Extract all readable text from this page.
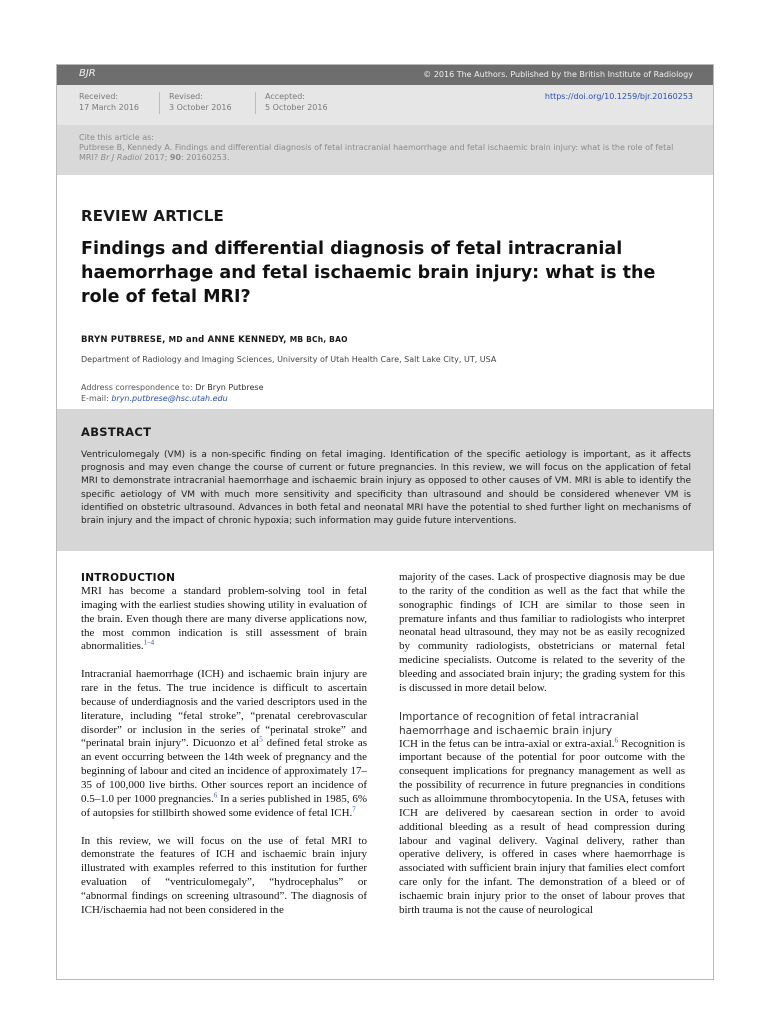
BJR	© 2016 The Authors. Published by the British Institute of Radiology
Received:
17 March 2016
Revised:
3 October 2016
Accepted:
5 October 2016
https://doi.org/10.1259/bjr.20160253
Cite this article as:
Putbrese B, Kennedy A. Findings and differential diagnosis of fetal intracranial haemorrhage and fetal ischaemic brain injury: what is the role of fetal MRI? Br J Radiol 2017; 90: 20160253.
REVIEW ARTICLE
Findings and differential diagnosis of fetal intracranial haemorrhage and fetal ischaemic brain injury: what is the role of fetal MRI?
BRYN PUTBRESE, MD and ANNE KENNEDY, MB BCh, BAO
Department of Radiology and Imaging Sciences, University of Utah Health Care, Salt Lake City, UT, USA
Address correspondence to: Dr Bryn Putbrese
E-mail: bryn.putbrese@hsc.utah.edu
ABSTRACT
Ventriculomegaly (VM) is a non-specific finding on fetal imaging. Identification of the specific aetiology is important, as it affects prognosis and may even change the course of current or future pregnancies. In this review, we will focus on the application of fetal MRI to demonstrate intracranial haemorrhage and ischaemic brain injury as opposed to other causes of VM. MRI is able to identify the specific aetiology of VM with much more sensitivity and specificity than ultrasound and should be considered whenever VM is identified on obstetric ultrasound. Advances in both fetal and neonatal MRI have the potential to shed further light on mechanisms of brain injury and the impact of chronic hypoxia; such information may guide future interventions.
INTRODUCTION

MRI has become a standard problem-solving tool in fetal imaging with the earliest studies showing utility in evaluation of the brain. Even though there are many diverse applications now, the most common indication is still assessment of brain abnormalities.$^{1-4}$

Intracranial haemorrhage (ICH) and ischaemic brain injury are rare in the fetus. The true incidence is difficult to ascertain because of underdiagnosis and the varied descriptors used in the literature, including “fetal stroke”, “prenatal cerebrovascular disorder” or inclusion in the series of “perinatal stroke” and “perinatal brain injury”. Dicuonzo et $al^5$ defined fetal stroke as an event occurring between the 14th week of pregnancy and the beginning of labour and cited an incidence of approximately 17–35 of 100,000 live births. Other sources report an incidence of 0.5–1.0 per 1000 pregnancies.$^6$ In a series published in 1985, 6% of autopsies for stillbirth showed some evidence of fetal ICH.$^7$

In this review, we will focus on the use of fetal MRI to demonstrate the features of ICH and ischaemic brain injury illustrated with examples referred to this institution for further evaluation of “ventriculomegaly”, “hydrocephalus” or “abnormal findings on screening ultrasound”. The diagnosis of ICH/ischaemia had not been considered in the

majority of the cases. Lack of prospective diagnosis may be due to the rarity of the condition as well as the fact that while the sonographic findings of ICH are similar to those seen in premature infants and thus familiar to radiologists who interpret neonatal head ultrasound, they may not be as easily recognized by community radiologists, obstetricians or maternal fetal medicine specialists. Outcome is related to the severity of the bleeding and associated brain injury; the grading system for this is discussed in more detail below.

Importance of recognition of fetal intracranial haemorrhage and ischaemic brain injury

ICH in the fetus can be intra-axial or extra-axial.$^6$ Recognition is important because of the potential for poor outcome with the consequent implications for pregnancy management as well as the possibility of recurrence in future pregnancies in conditions such as alloimmune thrombocytopenia. In the USA, fetuses with ICH are delivered by caesarean section in order to avoid additional bleeding as a result of head compression during labour and vaginal delivery. Vaginal delivery, rather than operative delivery, is offered in cases where haemorrhage is associated with sufficient brain injury that families elect comfort care only for the infant. The demonstration of a bleed or of ischaemic brain injury prior to the onset of labour proves that birth trauma is not the cause of neurological
